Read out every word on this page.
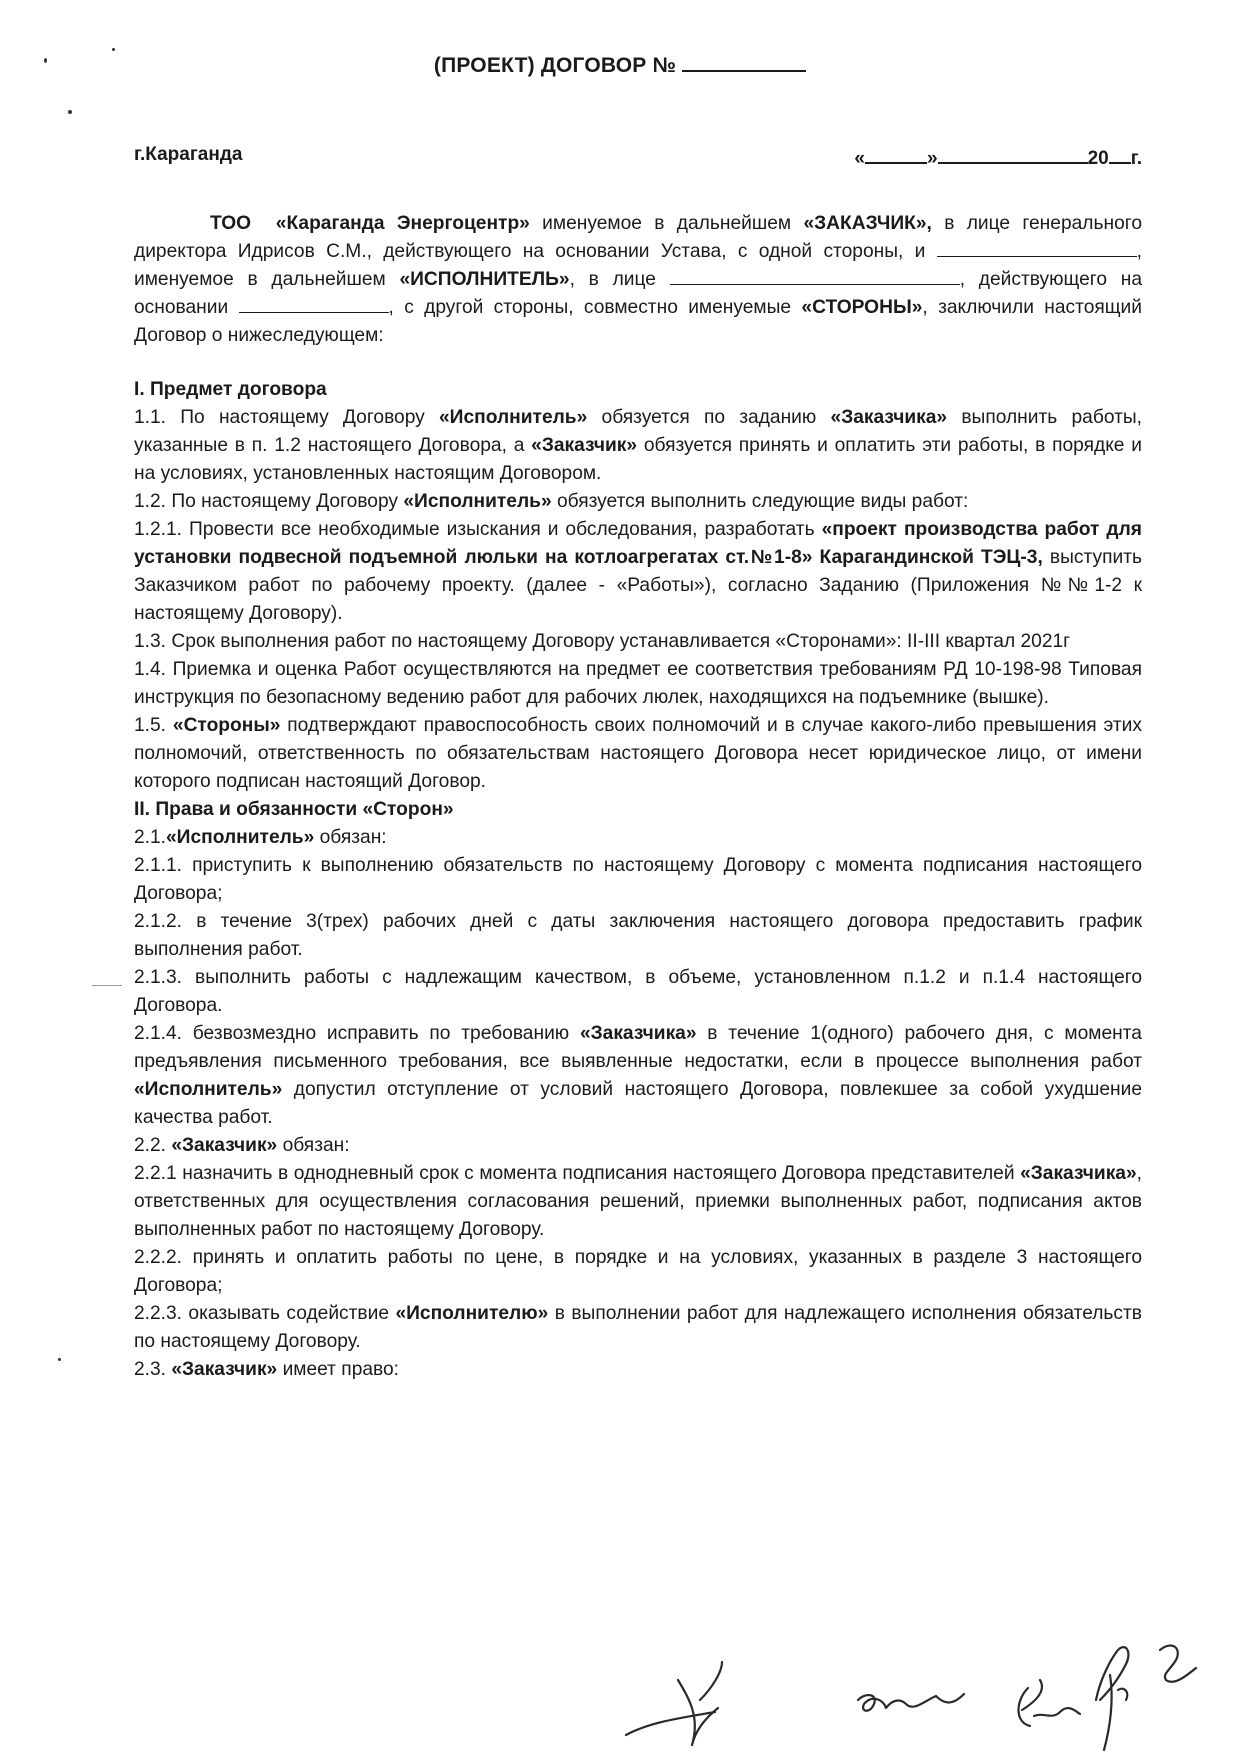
(ПРОЕКТ) ДОГОВОР №
г.Караганда	«	»	20 г.

ТОО «Караганда Энергоцентр» именуемое в дальнейшем «ЗАКАЗЧИК», в лице генерального директора Идрисов С.М., действующего на основании Устава, с одной стороны, и	, именуемое в дальнейшем «ИСПОЛНИТЕЛЬ», в лице	, действующего на основании	, с другой стороны, совместно именуемые «СТОРОНЫ», заключили настоящий Договор о нижеследующем:

I. Предмет договора

1.1. По настоящему Договору «Исполнитель» обязуется по заданию «Заказчика» выполнить работы, указанные в п. 1.2 настоящего Договора, а «Заказчик» обязуется принять и оплатить эти работы, в порядке и на условиях, установленных настоящим Договором.

1.2. По настоящему Договору «Исполнитель» обязуется выполнить следующие виды работ:

1.2.1. Провести все необходимые изыскания и обследования, разработать «проект производства работ для установки подвесной подъемной люльки на котлоагрегатах ст.№1-8» Карагандинской ТЭЦ-3, выступить Заказчиком работ по рабочему проекту. (далее - «Работы»), согласно Заданию (Приложения №№1-2 к настоящему Договору).

1.3. Срок выполнения работ по настоящему Договору устанавливается «Сторонами»: II-III квартал 2021г

1.4. Приемка и оценка Работ осуществляются на предмет ее соответствия требованиям РД 10-198-98 Типовая инструкция по безопасному ведению работ для рабочих люлек, находящихся на подъемнике (вышке).

1.5. «Стороны» подтверждают правоспособность своих полномочий и в случае какого-либо превышения этих полномочий, ответственность по обязательствам настоящего Договора несет юридическое лицо, от имени которого подписан настоящий Договор.

II. Права и обязанности «Сторон»

2.1.«Исполнитель» обязан:

2.1.1. приступить к выполнению обязательств по настоящему Договору с момента подписания настоящего Договора;

2.1.2. в течение 3(трех) рабочих дней с даты заключения настоящего договора предоставить график выполнения работ.

2.1.3. выполнить работы с надлежащим качеством, в объеме, установленном п.1.2 и п.1.4 настоящего Договора.

2.1.4. безвозмездно исправить по требованию «Заказчика» в течение 1(одного) рабочего дня, с момента предъявления письменного требования, все выявленные недостатки, если в процессе выполнения работ «Исполнитель» допустил отступление от условий настоящего Договора, повлекшее за собой ухудшение качества работ.

2.2. «Заказчик» обязан:

2.2.1 назначить в однодневный срок с момента подписания настоящего Договора представителей «Заказчика», ответственных для осуществления согласования решений, приемки выполненных работ, подписания актов выполненных работ по настоящему Договору.

2.2.2. принять и оплатить работы по цене, в порядке и на условиях, указанных в разделе 3 настоящего Договора;

2.2.3. оказывать содействие «Исполнителю» в выполнении работ для надлежащего исполнения обязательств по настоящему Договору.

2.3. «Заказчик» имеет право:
